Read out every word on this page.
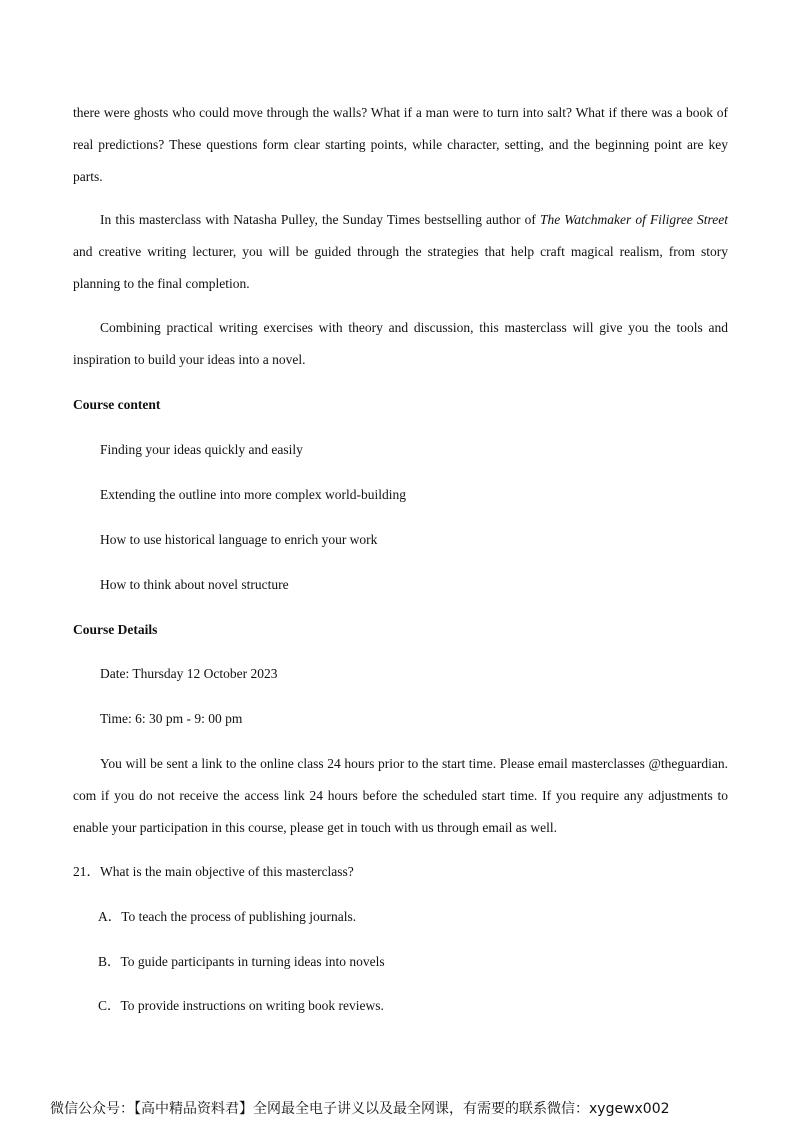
there were ghosts who could move through the walls? What if a man were to turn into salt? What if there was a book of real predictions? These questions form clear starting points, while character, setting, and the beginning point are key parts.

In this masterclass with Natasha Pulley, the Sunday Times bestselling author of The Watchmaker of Filigree Street and creative writing lecturer, you will be guided through the strategies that help craft magical realism, from story planning to the final completion.

Combining practical writing exercises with theory and discussion, this masterclass will give you the tools and inspiration to build your ideas into a novel.

Course content

Finding your ideas quickly and easily

Extending the outline into more complex world-building

How to use historical language to enrich your work

How to think about novel structure

Course Details

Date: Thursday 12 October 2023

Time: 6: 30 pm - 9: 00 pm

You will be sent a link to the online class 24 hours prior to the start time. Please email masterclasses @theguardian. com if you do not receive the access link 24 hours before the scheduled start time. If you require any adjustments to enable your participation in this course, please get in touch with us through email as well.

21．What is the main objective of this masterclass?

A．To teach the process of publishing journals.

B．To guide participants in turning ideas into novels

C．To provide instructions on writing book reviews.

微信公众号：【高中精品资料君】全网最全电子讲义以及最全网课，有需要的联系微信：xygewx002
